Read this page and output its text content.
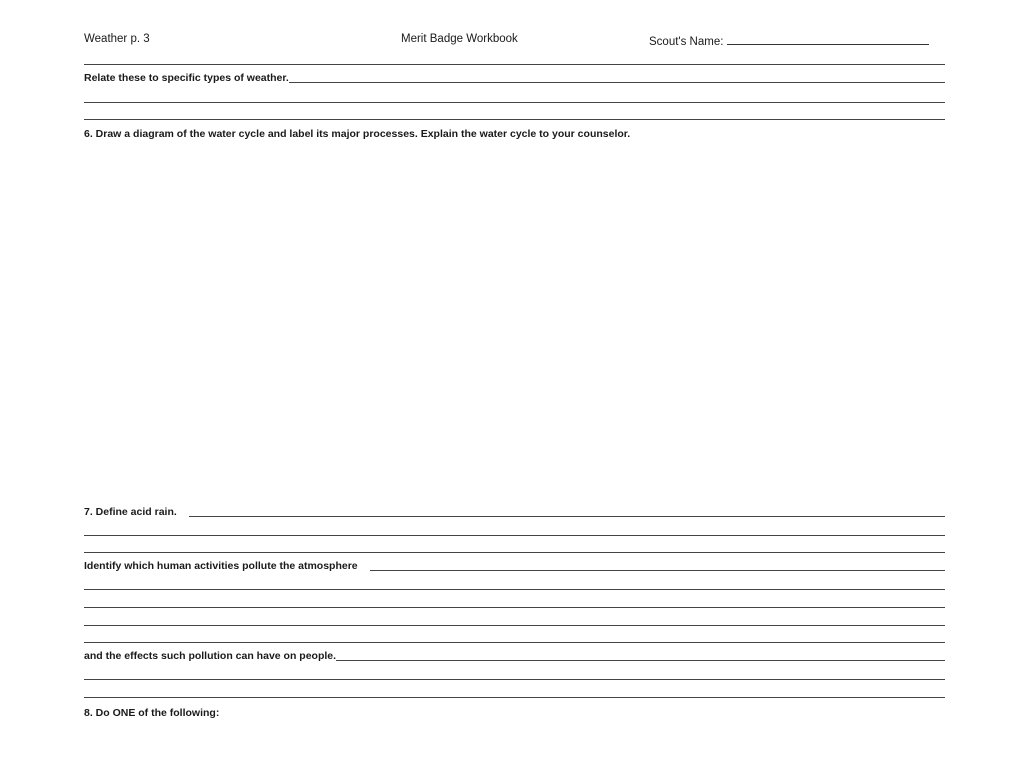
Weather p. 3	Merit Badge Workbook	Scout's Name:
Relate these to specific types of weather.
6. Draw a diagram of the water cycle and label its major processes. Explain the water cycle to your counselor.
7. Define acid rain.
Identify which human activities pollute the atmosphere
and the effects such pollution can have on people.
8. Do ONE of the following:
